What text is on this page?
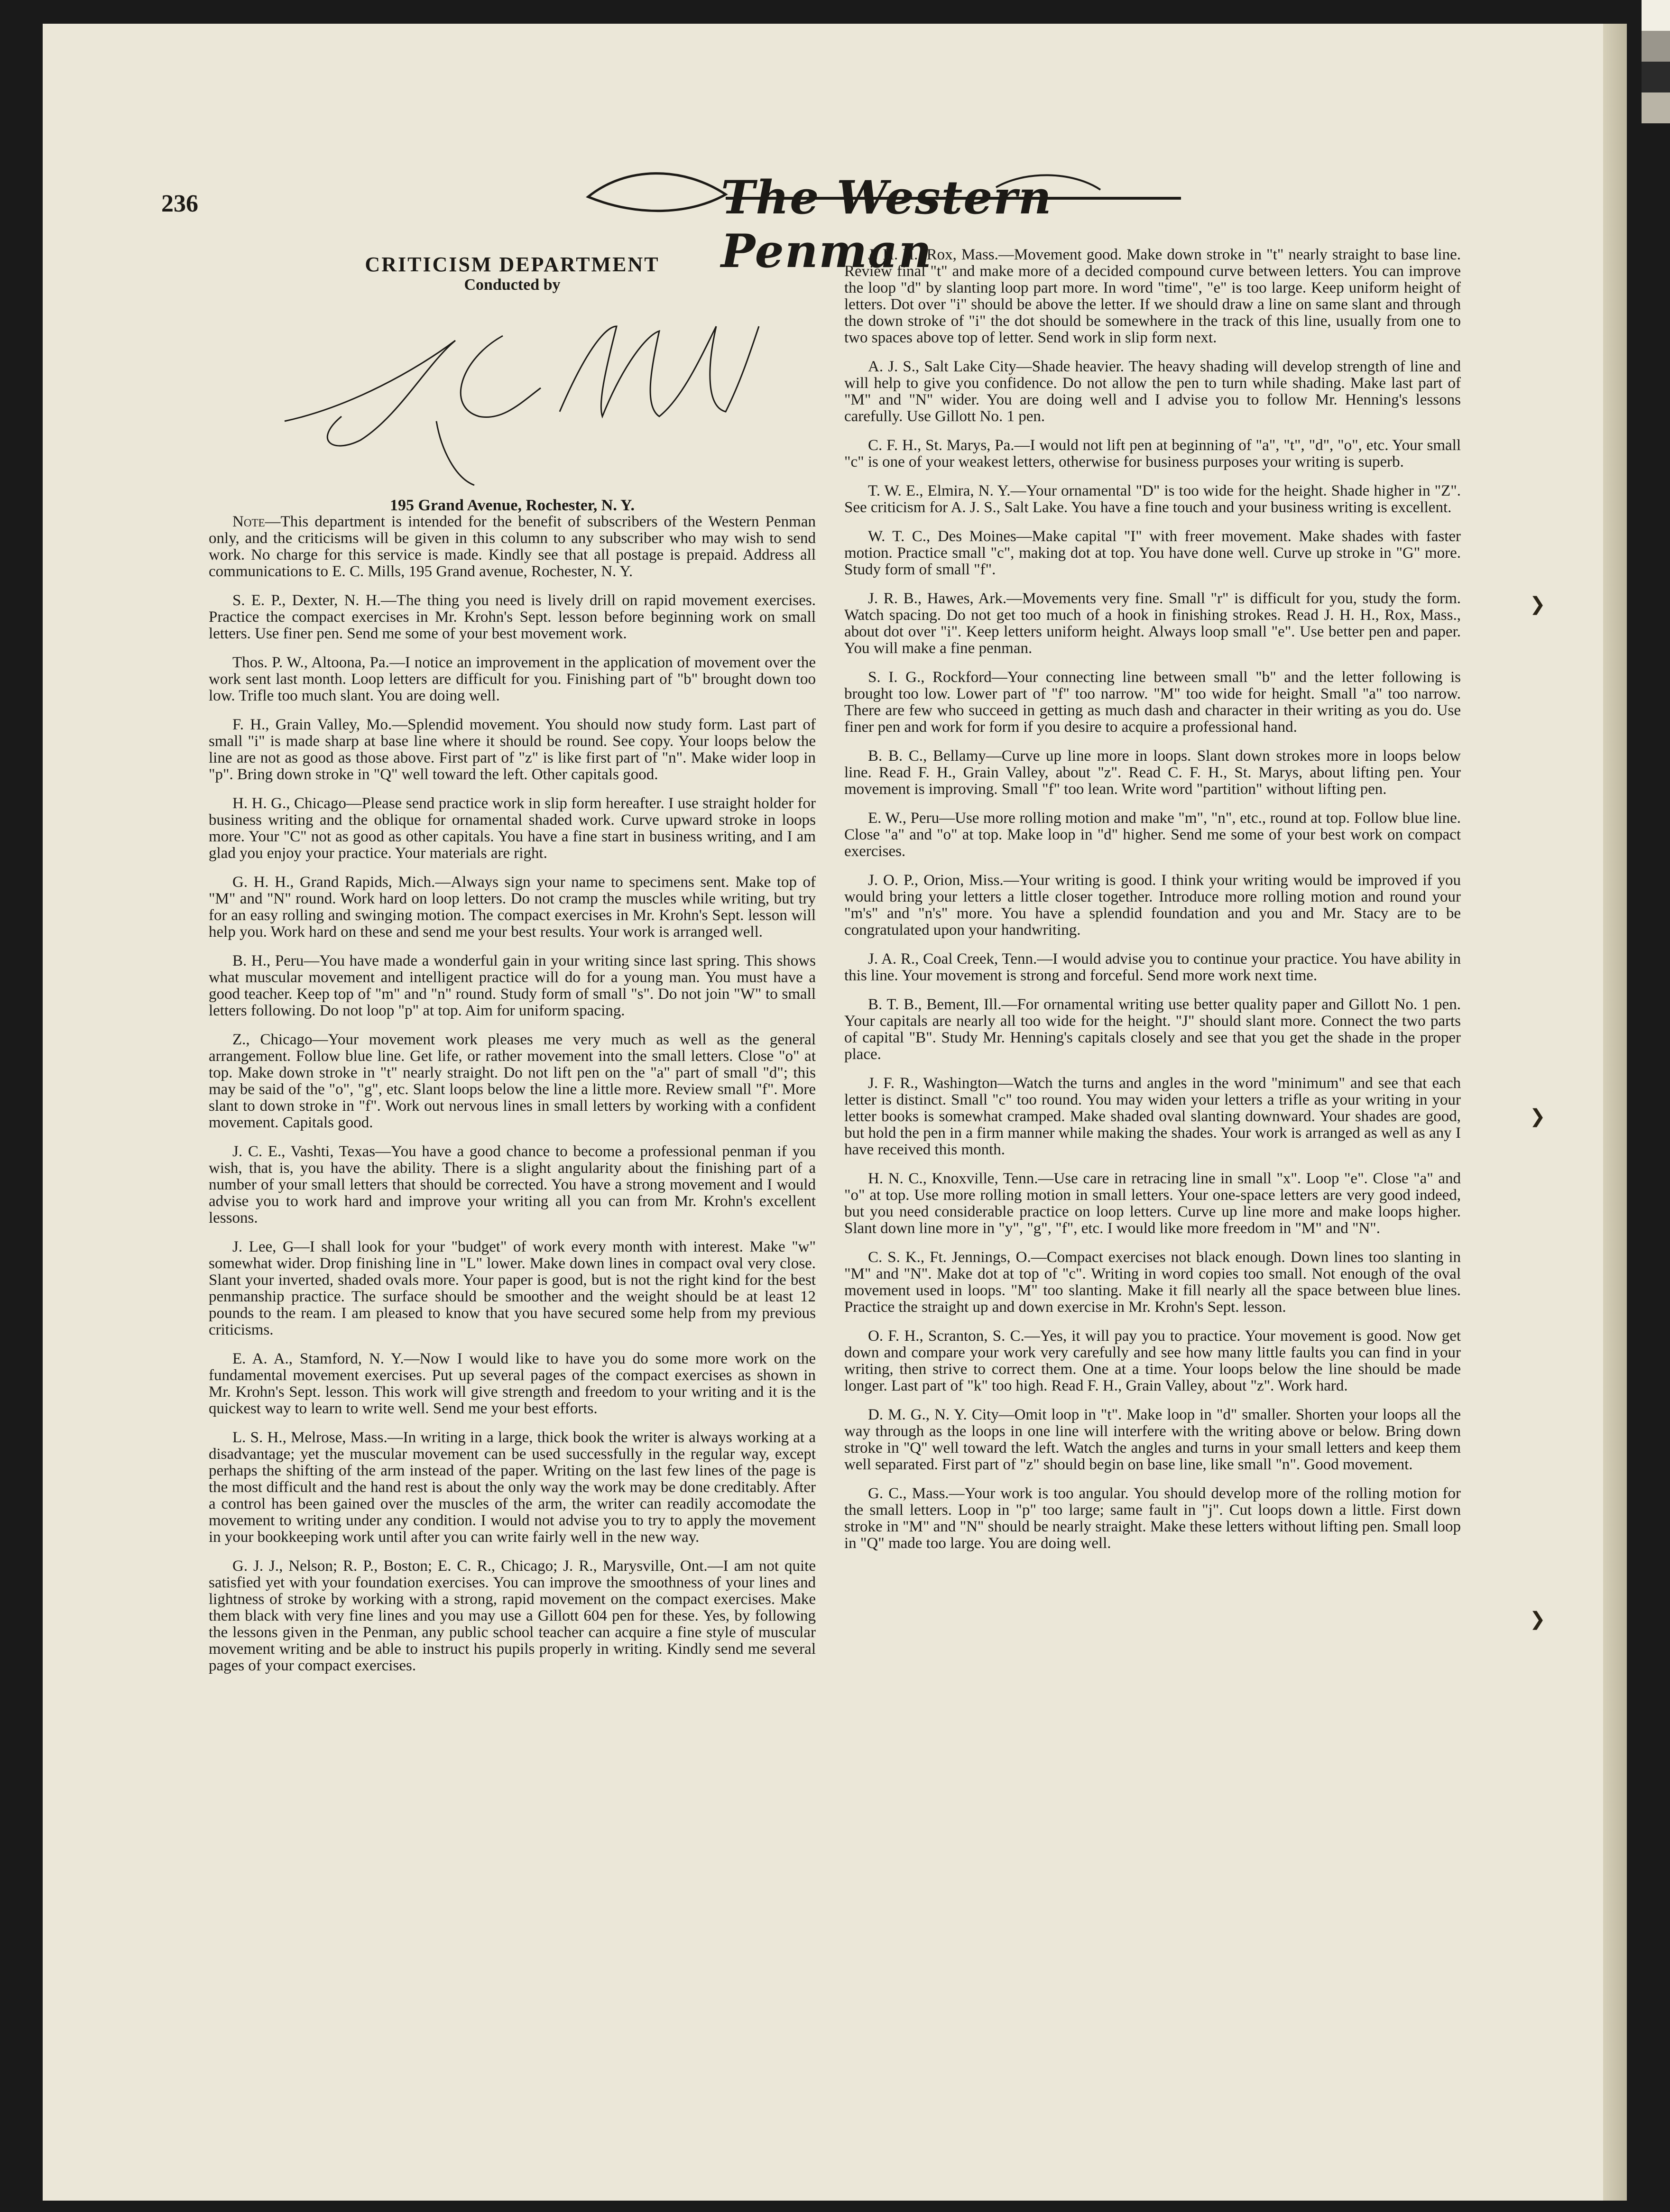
236	The Western Penman
CRITICISM DEPARTMENT
Conducted by
195 Grand Avenue, Rochester, N. Y.

Note—This department is intended for the benefit of subscribers of the Western Penman only, and the criticisms will be given in this column to any subscriber who may wish to send work. No charge for this service is made. Kindly see that all postage is prepaid. Address all communications to E. C. Mills, 195 Grand avenue, Rochester, N. Y.

S. E. P., Dexter, N. H.—The thing you need is lively drill on rapid movement exercises. Practice the compact exercises in Mr. Krohn's Sept. lesson before beginning work on small letters. Use finer pen. Send me some of your best movement work.

Thos. P. W., Altoona, Pa.—I notice an improvement in the application of movement over the work sent last month. Loop letters are difficult for you. Finishing part of "b" brought down too low. Trifle too much slant. You are doing well.

F. H., Grain Valley, Mo.—Splendid movement. You should now study form. Last part of small "i" is made sharp at base line where it should be round. See copy. Your loops below the line are not as good as those above. First part of "z" is like first part of "n". Make wider loop in "p". Bring down stroke in "Q" well toward the left. Other capitals good.

H. H. G., Chicago—Please send practice work in slip form hereafter. I use straight holder for business writing and the oblique for ornamental shaded work. Curve upward stroke in loops more. Your "C" not as good as other capitals. You have a fine start in business writing, and I am glad you enjoy your practice. Your materials are right.

G. H. H., Grand Rapids, Mich.—Always sign your name to specimens sent. Make top of "M" and "N" round. Work hard on loop letters. Do not cramp the muscles while writing, but try for an easy rolling and swinging motion. The compact exercises in Mr. Krohn's Sept. lesson will help you. Work hard on these and send me your best results. Your work is arranged well.

B. H., Peru—You have made a wonderful gain in your writing since last spring. This shows what muscular movement and intelligent practice will do for a young man. You must have a good teacher. Keep top of "m" and "n" round. Study form of small "s". Do not join "W" to small letters following. Do not loop "p" at top. Aim for uniform spacing.

Z., Chicago—Your movement work pleases me very much as well as the general arrangement. Follow blue line. Get life, or rather movement into the small letters. Close "o" at top. Make down stroke in "t" nearly straight. Do not lift pen on the "a" part of small "d"; this may be said of the "o", "g", etc. Slant loops below the line a little more. Review small "f". More slant to down stroke in "f". Work out nervous lines in small letters by working with a confident movement. Capitals good.

J. C. E., Vashti, Texas—You have a good chance to become a professional penman if you wish, that is, you have the ability. There is a slight angularity about the finishing part of a number of your small letters that should be corrected. You have a strong movement and I would advise you to work hard and improve your writing all you can from Mr. Krohn's excellent lessons.

J. Lee, G—I shall look for your "budget" of work every month with interest. Make "w" somewhat wider. Drop finishing line in "L" lower. Make down lines in compact oval very close. Slant your inverted, shaded ovals more. Your paper is good, but is not the right kind for the best penmanship practice. The surface should be smoother and the weight should be at least 12 pounds to the ream. I am pleased to know that you have secured some help from my previous criticisms.

E. A. A., Stamford, N. Y.—Now I would like to have you do some more work on the fundamental movement exercises. Put up several pages of the compact exercises as shown in Mr. Krohn's Sept. lesson. This work will give strength and freedom to your writing and it is the quickest way to learn to write well. Send me your best efforts.

L. S. H., Melrose, Mass.—In writing in a large, thick book the writer is always working at a disadvantage; yet the muscular movement can be used successfully in the regular way, except perhaps the shifting of the arm instead of the paper. Writing on the last few lines of the page is the most difficult and the hand rest is about the only way the work may be done creditably. After a control has been gained over the muscles of the arm, the writer can readily accomodate the movement to writing under any condition. I would not advise you to try to apply the movement in your bookkeeping work until after you can write fairly well in the new way.

G. J. J., Nelson; R. P., Boston; E. C. R., Chicago; J. R., Marysville, Ont.—I am not quite satisfied yet with your foundation exercises. You can improve the smoothness of your lines and lightness of stroke by working with a strong, rapid movement on the compact exercises. Make them black with very fine lines and you may use a Gillott 604 pen for these. Yes, by following the lessons given in the Penman, any public school teacher can acquire a fine style of muscular movement writing and be able to instruct his pupils properly in writing. Kindly send me several pages of your compact exercises.

J. H. H., Rox, Mass.—Movement good. Make down stroke in "t" nearly straight to base line. Review final "t" and make more of a decided compound curve between letters. You can improve the loop "d" by slanting loop part more. In word "time", "e" is too large. Keep uniform height of letters. Dot over "i" should be above the letter. If we should draw a line on same slant and through the down stroke of "i" the dot should be somewhere in the track of this line, usually from one to two spaces above top of letter. Send work in slip form next.

A. J. S., Salt Lake City—Shade heavier. The heavy shading will develop strength of line and will help to give you confidence. Do not allow the pen to turn while shading. Make last part of "M" and "N" wider. You are doing well and I advise you to follow Mr. Henning's lessons carefully. Use Gillott No. 1 pen.

C. F. H., St. Marys, Pa.—I would not lift pen at beginning of "a", "t", "d", "o", etc. Your small "c" is one of your weakest letters, otherwise for business purposes your writing is superb.

T. W. E., Elmira, N. Y.—Your ornamental "D" is too wide for the height. Shade higher in "Z". See criticism for A. J. S., Salt Lake. You have a fine touch and your business writing is excellent.

W. T. C., Des Moines—Make capital "I" with freer movement. Make shades with faster motion. Practice small "c", making dot at top. You have done well. Curve up stroke in "G" more. Study form of small "f".

J. R. B., Hawes, Ark.—Movements very fine. Small "r" is difficult for you, study the form. Watch spacing. Do not get too much of a hook in finishing strokes. Read J. H. H., Rox, Mass., about dot over "i". Keep letters uniform height. Always loop small "e". Use better pen and paper. You will make a fine penman.

S. I. G., Rockford—Your connecting line between small "b" and the letter following is brought too low. Lower part of "f" too narrow. "M" too wide for height. Small "a" too narrow. There are few who succeed in getting as much dash and character in their writing as you do. Use finer pen and work for form if you desire to acquire a professional hand.

B. B. C., Bellamy—Curve up line more in loops. Slant down strokes more in loops below line. Read F. H., Grain Valley, about "z". Read C. F. H., St. Marys, about lifting pen. Your movement is improving. Small "f" too lean. Write word "partition" without lifting pen.

E. W., Peru—Use more rolling motion and make "m", "n", etc., round at top. Follow blue line. Close "a" and "o" at top. Make loop in "d" higher. Send me some of your best work on compact exercises.

J. O. P., Orion, Miss.—Your writing is good. I think your writing would be improved if you would bring your letters a little closer together. Introduce more rolling motion and round your "m's" and "n's" more. You have a splendid foundation and you and Mr. Stacy are to be congratulated upon your handwriting.

J. A. R., Coal Creek, Tenn.—I would advise you to continue your practice. You have ability in this line. Your movement is strong and forceful. Send more work next time.

B. T. B., Bement, Ill.—For ornamental writing use better quality paper and Gillott No. 1 pen. Your capitals are nearly all too wide for the height. "J" should slant more. Connect the two parts of capital "B". Study Mr. Henning's capitals closely and see that you get the shade in the proper place.

J. F. R., Washington—Watch the turns and angles in the word "minimum" and see that each letter is distinct. Small "c" too round. You may widen your letters a trifle as your writing in your letter books is somewhat cramped. Make shaded oval slanting downward. Your shades are good, but hold the pen in a firm manner while making the shades. Your work is arranged as well as any I have received this month.

H. N. C., Knoxville, Tenn.—Use care in retracing line in small "x". Loop "e". Close "a" and "o" at top. Use more rolling motion in small letters. Your one-space letters are very good indeed, but you need considerable practice on loop letters. Curve up line more and make loops higher. Slant down line more in "y", "g", "f", etc. I would like more freedom in "M" and "N".

C. S. K., Ft. Jennings, O.—Compact exercises not black enough. Down lines too slanting in "M" and "N". Make dot at top of "c". Writing in word copies too small. Not enough of the oval movement used in loops. "M" too slanting. Make it fill nearly all the space between blue lines. Practice the straight up and down exercise in Mr. Krohn's Sept. lesson.

O. F. H., Scranton, S. C.—Yes, it will pay you to practice. Your movement is good. Now get down and compare your work very carefully and see how many little faults you can find in your writing, then strive to correct them. One at a time. Your loops below the line should be made longer. Last part of "k" too high. Read F. H., Grain Valley, about "z". Work hard.

D. M. G., N. Y. City—Omit loop in "t". Make loop in "d" smaller. Shorten your loops all the way through as the loops in one line will interfere with the writing above or below. Bring down stroke in "Q" well toward the left. Watch the angles and turns in your small letters and keep them well separated. First part of "z" should begin on base line, like small "n". Good movement.

G. C., Mass.—Your work is too angular. You should develop more of the rolling motion for the small letters. Loop in "p" too large; same fault in "j". Cut loops down a little. First down stroke in "M" and "N" should be nearly straight. Make these letters without lifting pen. Small loop in "Q" made too large. You are doing well.

❯
❯
❯
